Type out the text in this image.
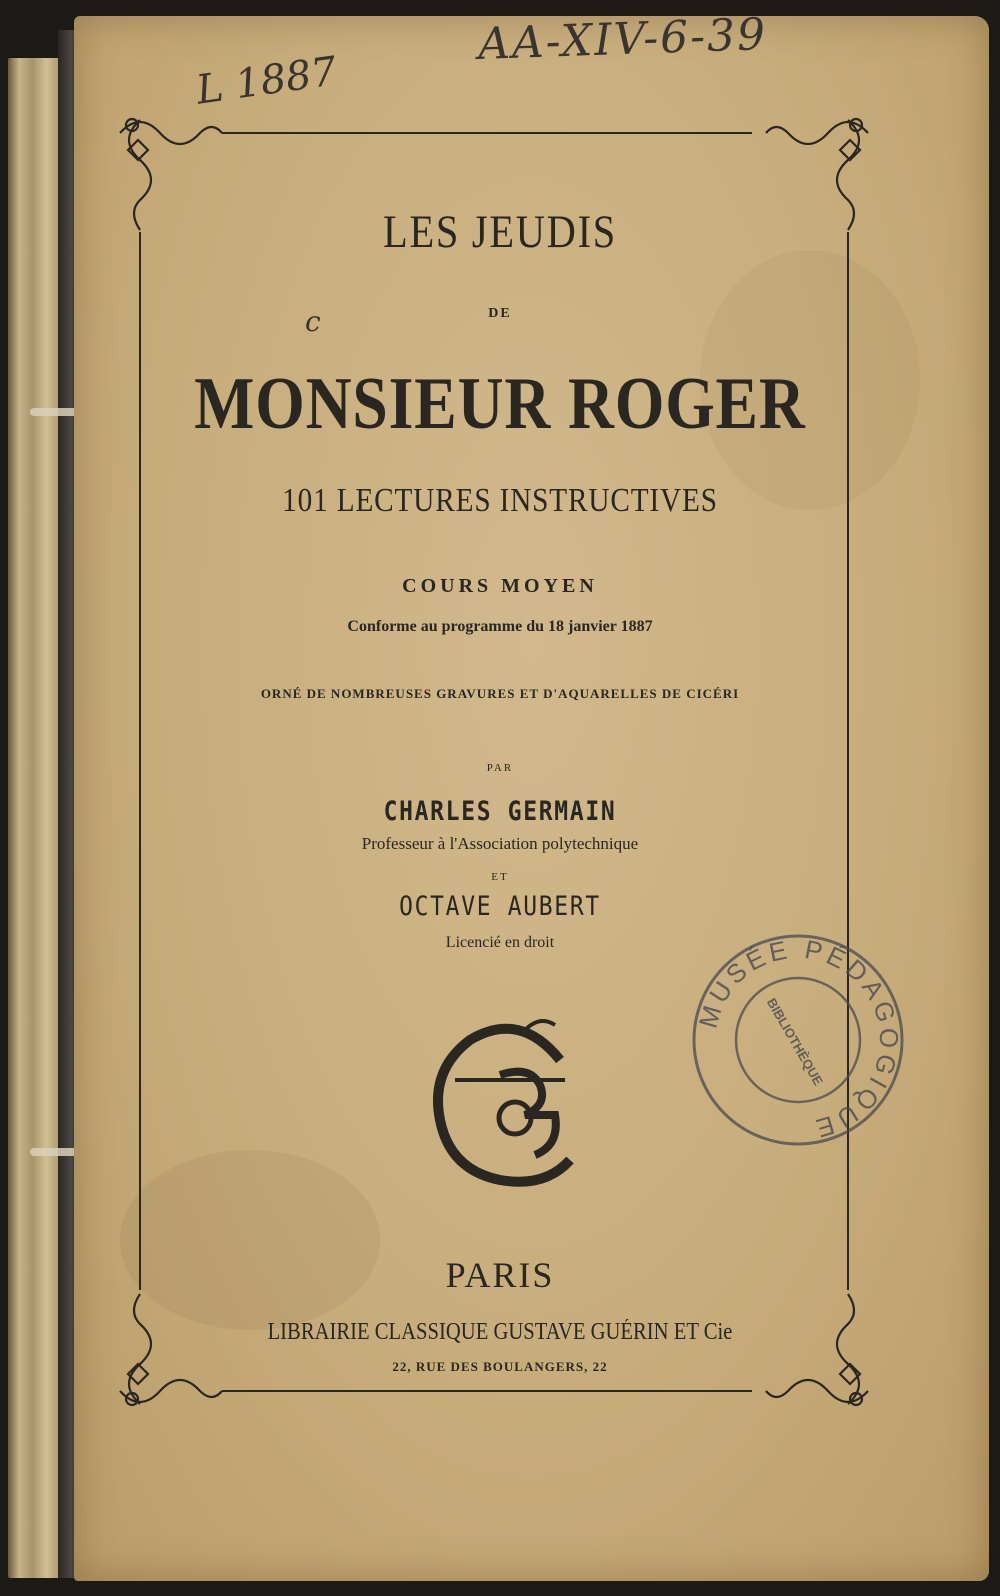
AA-XIV-6-39
L 1887
c
LES JEUDIS
DE
MONSIEUR ROGER
101 LECTURES INSTRUCTIVES
COURS MOYEN
Conforme au programme du 18 janvier 1887
ORNÉ DE NOMBREUSES GRAVURES ET D'AQUARELLES DE CICÉRI
PAR
CHARLES GERMAIN
Professeur à l'Association polytechnique
ET
OCTAVE AUBERT
Licencié en droit
PARIS
LIBRAIRIE CLASSIQUE GUSTAVE GUÉRIN ET Cie
22, RUE DES BOULANGERS, 22
MUSÉE PÉDAGOGIQUE
BIBLIOTHÈQUE
